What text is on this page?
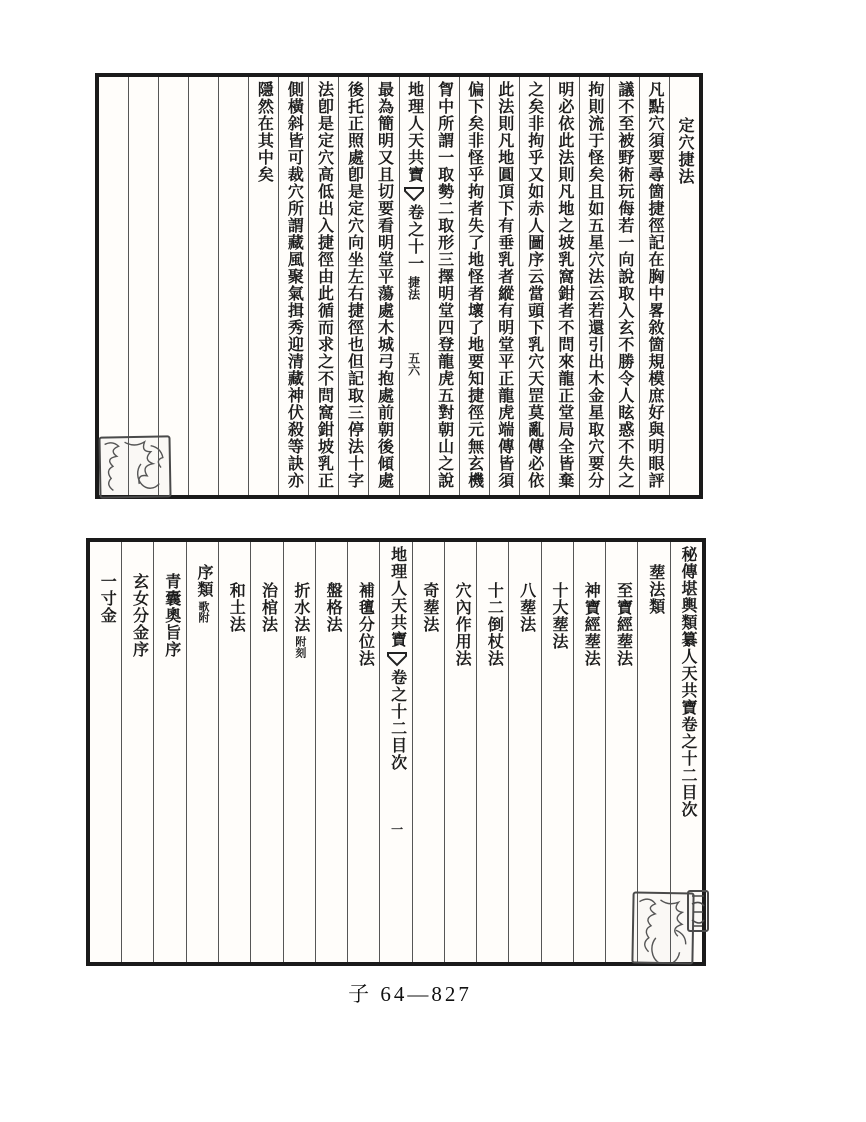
定穴捷法
凡點穴須要尋箇捷徑記在胸中畧敘箇規模庶好與明眼評
議不至被野術玩侮若一向說取入玄不勝令人眩惑不失之
拘則流于怪矣且如五星穴法云若還引出木金星取穴要分
明必依此法則凡地之坡乳窩鉗者不問來龍正堂局全皆棄
之矣非拘乎又如赤人圖序云當頭下乳穴天罡莫亂傳必依
此法則凡地圓頂下有垂乳者縱有明堂平正龍虎端傳皆須
偏下矣非怪乎拘者失了地怪者壞了地要知捷徑元無玄機
胷中所謂一取勢二取形三擇明堂四登龍虎五對朝山之說
地理人天共寶卷之十一捷法五六
最為簡明又且切要看明堂平蕩處木城弓抱處前朝後傾處
後托正照處卽是定穴向坐左右捷徑也但記取三停法十字
法卽是定穴高低出入捷徑由此循而求之不問窩鉗坡乳正
側橫斜皆可裁穴所謂藏風聚氣揖秀迎清藏神伏殺等訣亦
隱然在其中矣
秘傳堪輿類纂人天共寶卷之十二目次
塟法類
至寶經塟法
神寶經塟法
十大塟法
八塟法
十二倒杖法
穴內作用法
奇塟法
地理人天共寶卷之十二目次一
補氊分位法
盤格法
折水法附刻
治棺法
和土法
序類歌附
青囊奧旨序
玄女分金序
一寸金
子 64—827
